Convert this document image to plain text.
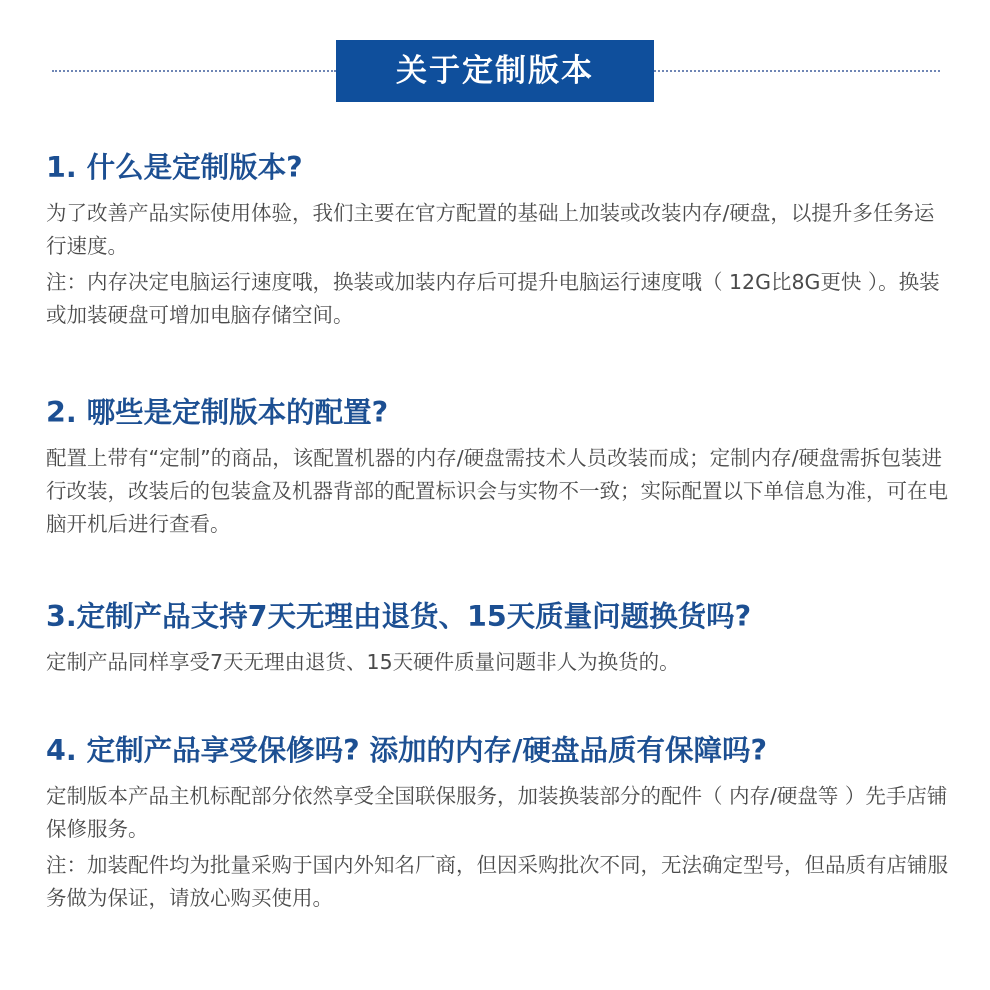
关于定制版本
1. 什么是定制版本?
为了改善产品实际使用体验，我们主要在官方配置的基础上加装或改装内存/硬盘，以提升多任务运行速度。
注：内存决定电脑运行速度哦，换装或加装内存后可提升电脑运行速度哦（ 12G比8G更快 ）。换装或加装硬盘可增加电脑存储空间。
2. 哪些是定制版本的配置?
配置上带有“定制”的商品，该配置机器的内存/硬盘需技术人员改装而成；定制内存/硬盘需拆包装进行改装，改装后的包装盒及机器背部的配置标识会与实物不一致；实际配置以下单信息为准，可在电脑开机后进行查看。
3.定制产品支持7天无理由退货、15天质量问题换货吗?
定制产品同样享受7天无理由退货、15天硬件质量问题非人为换货的。
4. 定制产品享受保修吗? 添加的内存/硬盘品质有保障吗?
定制版本产品主机标配部分依然享受全国联保服务，加装换装部分的配件（ 内存/硬盘等 ）先手店铺保修服务。
注：加装配件均为批量采购于国内外知名厂商，但因采购批次不同，无法确定型号，但品质有店铺服务做为保证，请放心购买使用。
